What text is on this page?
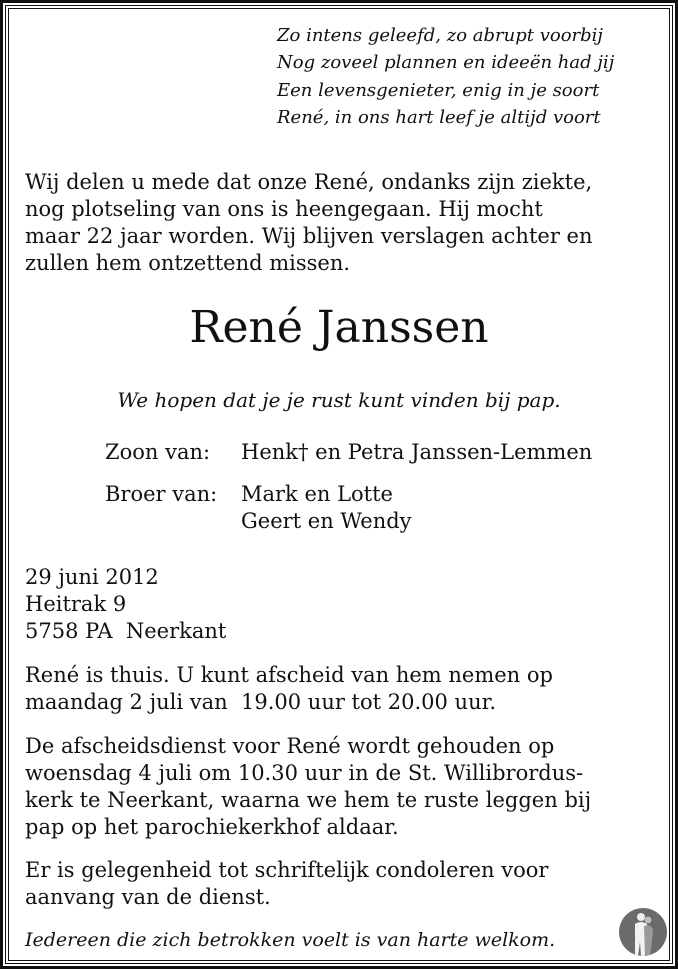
Zo intens geleefd, zo abrupt voorbij
Nog zoveel plannen en ideeën had jij
Een levensgenieter, enig in je soort
René, in ons hart leef je altijd voort
Wij delen u mede dat onze René, ondanks zijn ziekte,
nog plotseling van ons is heengegaan. Hij mocht
maar 22 jaar worden. Wij blijven verslagen achter en
zullen hem ontzettend missen.
René Janssen
We hopen dat je je rust kunt vinden bij pap.
Zoon van: Henk† en Petra Janssen-Lemmen
Broer van: Mark en Lotte
Geert en Wendy
29 juni 2012
Heitrak 9
5758 PA  Neerkant
René is thuis. U kunt afscheid van hem nemen op
maandag 2 juli van  19.00 uur tot 20.00 uur.
De afscheidsdienst voor René wordt gehouden op
woensdag 4 juli om 10.30 uur in de St. Willibrordus-
kerk te Neerkant, waarna we hem te ruste leggen bij
pap op het parochiekerkhof aldaar.
Er is gelegenheid tot schriftelijk condoleren voor
aanvang van de dienst.
Iedereen die zich betrokken voelt is van harte welkom.
